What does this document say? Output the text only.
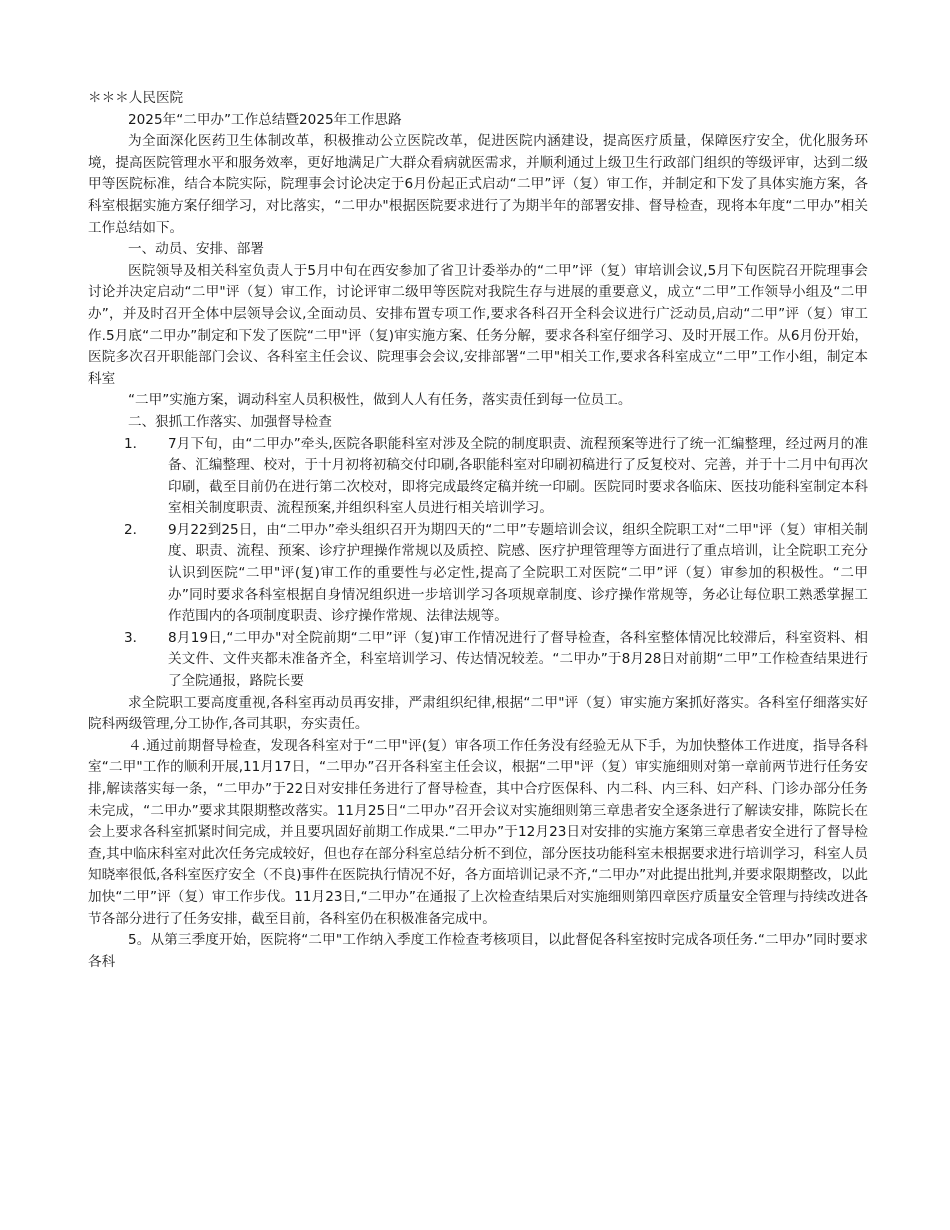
＊＊＊人民医院

2025年“二甲办”工作总结暨2025年工作思路

为全面深化医药卫生体制改革，积极推动公立医院改革，促进医院内涵建设，提高医疗质量，保障医疗安全，优化服务环境，提高医院管理水平和服务效率，更好地满足广大群众看病就医需求，并顺利通过上级卫生行政部门组织的等级评审，达到二级甲等医院标准，结合本院实际，院理事会讨论决定于6月份起正式启动“二甲”评（复）审工作，并制定和下发了具体实施方案，各科室根据实施方案仔细学习，对比落实，“二甲办"根据医院要求进行了为期半年的部署安排、督导检查，现将本年度“二甲办”相关工作总结如下。

一、动员、安排、部署

医院领导及相关科室负责人于5月中旬在西安参加了省卫计委举办的“二甲”评（复）审培训会议,5月下旬医院召开院理事会讨论并决定启动“二甲"评（复）审工作，讨论评审二级甲等医院对我院生存与进展的重要意义，成立“二甲”工作领导小组及“二甲办”，并及时召开全体中层领导会议,全面动员、安排布置专项工作,要求各科召开全科会议进行广泛动员,启动“二甲”评（复）审工作.5月底“二甲办”制定和下发了医院“二甲"评（复)审实施方案、任务分解，要求各科室仔细学习、及时开展工作。从6月份开始，医院多次召开职能部门会议、各科室主任会议、院理事会会议,安排部署“二甲"相关工作,要求各科室成立“二甲”工作小组，制定本科室

“二甲”实施方案，调动科室人员积极性，做到人人有任务，落实责任到每一位员工。

二、狠抓工作落实、加强督导检查

1．	7月下旬，由“二甲办”牵头,医院各职能科室对涉及全院的制度职责、流程预案等进行了统一汇编整理，经过两月的准备、汇编整理、校对，于十月初将初稿交付印刷,各职能科室对印刷初稿进行了反复校对、完善，并于十二月中旬再次印刷，截至目前仍在进行第二次校对，即将完成最终定稿并统一印刷。医院同时要求各临床、医技功能科室制定本科室相关制度职责、流程预案,并组织科室人员进行相关培训学习。
2．	9月22到25日，由“二甲办”牵头组织召开为期四天的“二甲”专题培训会议，组织全院职工对“二甲"评（复）审相关制度、职责、流程、预案、诊疗护理操作常规以及质控、院感、医疗护理管理等方面进行了重点培训，让全院职工充分认识到医院“二甲"评(复)审工作的重要性与必定性,提高了全院职工对医院“二甲”评（复）审参加的积极性。“二甲办”同时要求各科室根据自身情况组织进一步培训学习各项规章制度、诊疗操作常规等，务必让每位职工熟悉掌握工作范围内的各项制度职责、诊疗操作常规、法律法规等。
3．	8月19日,“二甲办"对全院前期“二甲”评（复)审工作情况进行了督导检查，各科室整体情况比较滞后，科室资料、相关文件、文件夹都未准备齐全，科室培训学习、传达情况较差。“二甲办”于8月28日对前期“二甲”工作检查结果进行了全院通报，路院长要

求全院职工要高度重视,各科室再动员再安排，严肃组织纪律,根据“二甲"评（复）审实施方案抓好落实。各科室仔细落实好院科两级管理,分工协作,各司其职，夯实责任。

４.通过前期督导检查，发现各科室对于“二甲"评(复）审各项工作任务没有经验无从下手，为加快整体工作进度，指导各科室“二甲"工作的顺利开展,11月17日，“二甲办”召开各科室主任会议，根据“二甲"评（复）审实施细则对第一章前两节进行任务安排,解读落实每一条，“二甲办”于22日对安排任务进行了督导检查，其中合疗医保科、内二科、内三科、妇产科、门诊办部分任务未完成，“二甲办”要求其限期整改落实。11月25日“二甲办”召开会议对实施细则第三章患者安全逐条进行了解读安排，陈院长在会上要求各科室抓紧时间完成，并且要巩固好前期工作成果.“二甲办”于12月23日对安排的实施方案第三章患者安全进行了督导检查,其中临床科室对此次任务完成较好，但也存在部分科室总结分析不到位，部分医技功能科室未根据要求进行培训学习，科室人员知晓率很低,各科室医疗安全（不良)事件在医院执行情况不好，各方面培训记录不齐,“二甲办”对此提出批判,并要求限期整改，以此加快“二甲”评（复）审工作步伐。11月23日,“二甲办”在通报了上次检查结果后对实施细则第四章医疗质量安全管理与持续改进各节各部分进行了任务安排，截至目前，各科室仍在积极准备完成中。

5。从第三季度开始，医院将“二甲"工作纳入季度工作检查考核项目，以此督促各科室按时完成各项任务.“二甲办”同时要求各科
